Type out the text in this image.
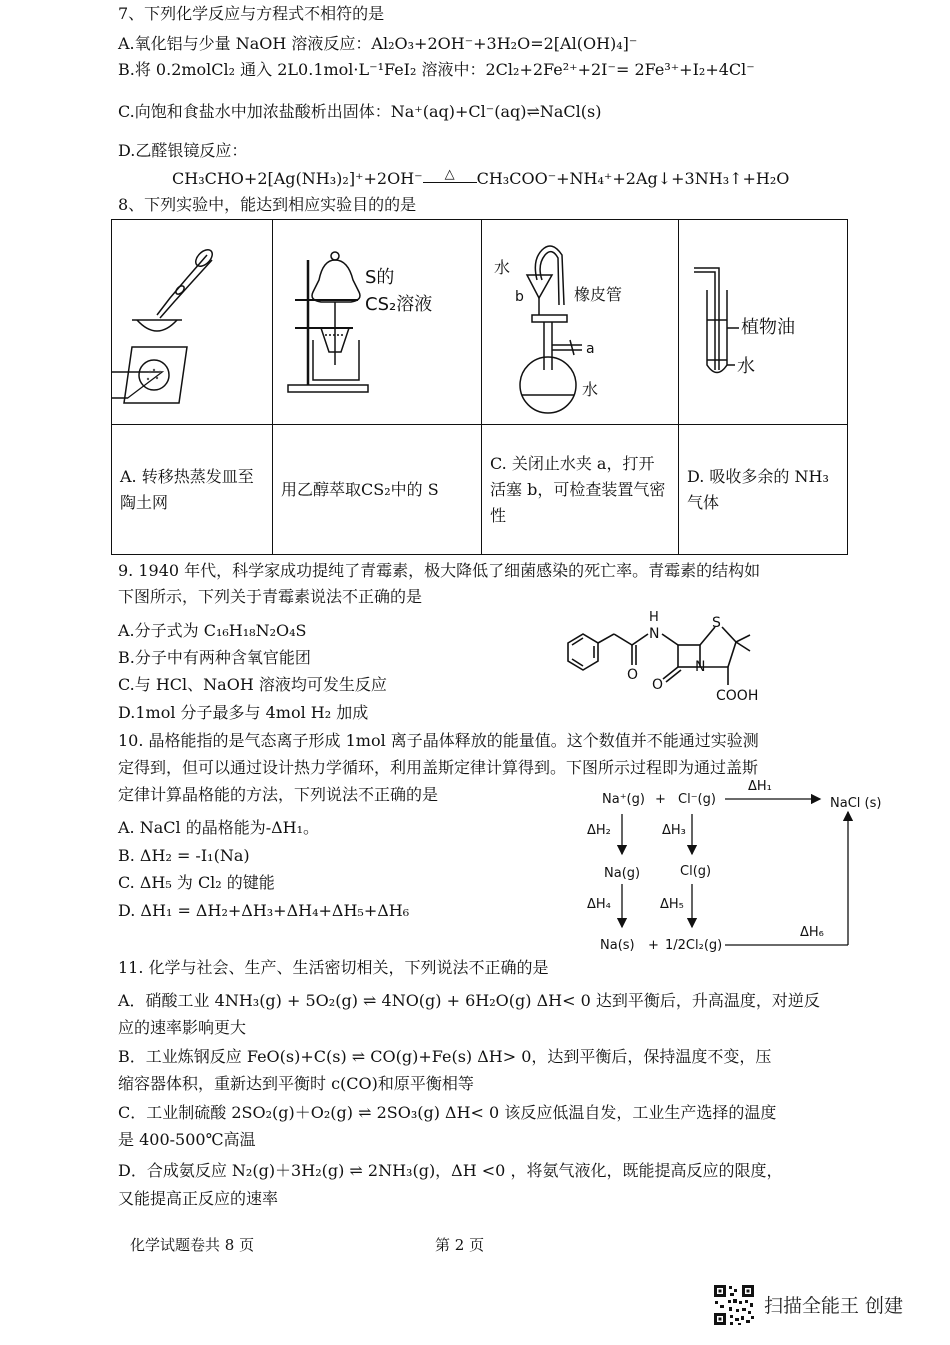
7、下列化学反应与方程式不相符的是
A.氧化铝与少量 NaOH 溶液反应：Al₂O₃+2OH⁻+3H₂O=2[Al(OH)₄]⁻
B.将 0.2molCl₂ 通入 2L0.1mol·L⁻¹FeI₂ 溶液中：2Cl₂+2Fe²⁺+2I⁻= 2Fe³⁺+I₂+4Cl⁻
C.向饱和食盐水中加浓盐酸析出固体：Na⁺(aq)+Cl⁻(aq)⇌NaCl(s)
D.乙醛银镜反应：
CH₃CHO+2[Ag(NH₃)₂]⁺+2OH⁻ △ CH₃COO⁻+NH₄⁺+2Ag↓+3NH₃↑+H₂O
8、下列实验中，能达到相应实验目的的是

S的
CS₂溶液	水
b 橡皮管
a
水	植物油
水

A. 转移热蒸发皿至陶土网	用乙醇萃取CS₂中的 S	C. 关闭止水夹 a，打开活塞 b，可检查装置气密性	D. 吸收多余的 NH₃ 气体
9. 1940 年代，科学家成功提纯了青霉素，极大降低了细菌感染的死亡率。青霉素的结构如
下图所示，下列关于青霉素说法不正确的是
A.分子式为 C₁₆H₁₈N₂O₄S
B.分子中有两种含氧官能团
C.与 HCl、NaOH 溶液均可发生反应
D.1mol 分子最多与 4mol H₂ 加成
H
N
S
N
O
O
COOH
10. 晶格能指的是气态离子形成 1mol 离子晶体释放的能量值。这个数值并不能通过实验测
定得到，但可以通过设计热力学循环，利用盖斯定律计算得到。下图所示过程即为通过盖斯
定律计算晶格能的方法，下列说法不正确的是
A. NaCl 的晶格能为-ΔH₁。
B. ΔH₂ = -I₁(Na)
C. ΔH₅ 为 Cl₂ 的键能
D. ΔH₁ = ΔH₂+ΔH₃+ΔH₄+ΔH₅+ΔH₆
Na⁺(g) + Cl⁻(g)
ΔH₁
NaCl (s)
ΔH₂	ΔH₃
Na(g)	Cl(g)
ΔH₄	ΔH₅
ΔH₆
Na(s) + 1/2Cl₂(g)
11. 化学与社会、生产、生活密切相关，下列说法不正确的是
A．硝酸工业 4NH₃(g) + 5O₂(g) ⇌ 4NO(g) + 6H₂O(g) ΔH< 0 达到平衡后，升高温度，对逆反
应的速率影响更大
B．工业炼钢反应 FeO(s)+C(s) ⇌ CO(g)+Fe(s) ΔH> 0，达到平衡后，保持温度不变，压
缩容器体积，重新达到平衡时 c(CO)和原平衡相等
C．工业制硫酸 2SO₂(g)＋O₂(g) ⇌ 2SO₃(g) ΔH< 0 该反应低温自发，工业生产选择的温度
是 400-500℃高温
D．合成氨反应 N₂(g)＋3H₂(g) ⇌ 2NH₃(g)，ΔH <0 ，将氨气液化，既能提高反应的限度，
又能提高正反应的速率
化学试题卷共 8 页	第 2 页
扫描全能王 创建
